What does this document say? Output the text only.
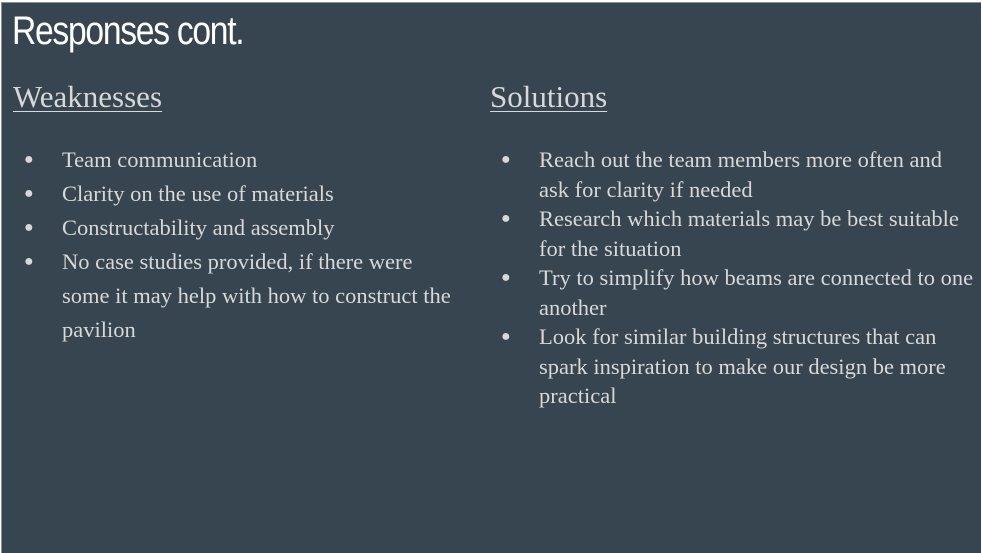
Responses cont.
Weaknesses
●	Team communication
●	Clarity on the use of materials
●	Constructability and assembly
●	No case studies provided, if there were some it may help with how to construct the pavilion
Solutions
●	Reach out the team members more often and ask for clarity if needed
●	Research which materials may be best suitable for the situation
●	Try to simplify how beams are connected to one another
●	Look for similar building structures that can spark inspiration to make our design be more practical
